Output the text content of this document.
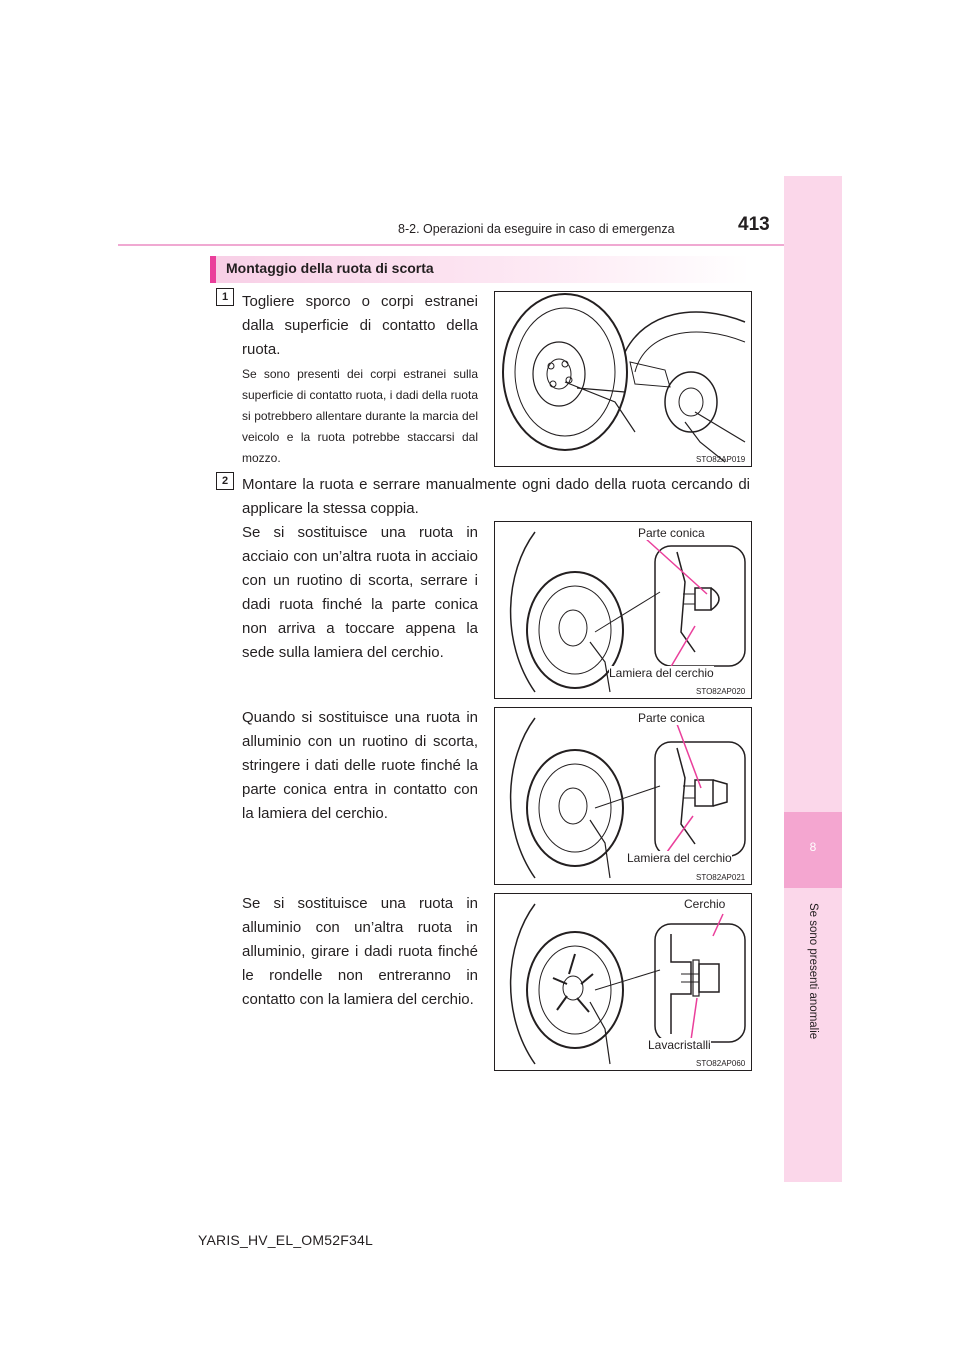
8
Se sono presenti anomalie
8-2. Operazioni da eseguire in caso di emergenza	413
Montaggio della ruota di scorta
1 Togliere sporco o corpi estranei dalla superficie di contatto della ruota.
Se sono presenti dei corpi estranei sulla superficie di contatto ruota, i dadi della ruota si potrebbero allentare durante la marcia del veicolo e la ruota potrebbe staccarsi dal mozzo.	STO82AP019
2 Montare la ruota e serrare manualmente ogni dado della ruota cercando di applicare la stessa coppia.
Se si sostituisce una ruota in acciaio con un’altra ruota in acciaio con un ruotino di scorta, serrare i dadi ruota finché la parte conica non arriva a toccare appena la sede sulla lamiera del cerchio.
Parte conica
Lamiera del cerchio
STO82AP020
Quando si sostituisce una ruota in alluminio con un ruotino di scorta, stringere i dati delle ruote finché la parte conica entra in contatto con la lamiera del cerchio.
Parte conica
Lamiera del cerchio
STO82AP021
Se si sostituisce una ruota in alluminio con un’altra ruota in alluminio, girare i dadi ruota finché le rondelle non entreranno in contatto con la lamiera del cerchio.
Cerchio
Lavacristalli
STO82AP060
YARIS_HV_EL_OM52F34L
